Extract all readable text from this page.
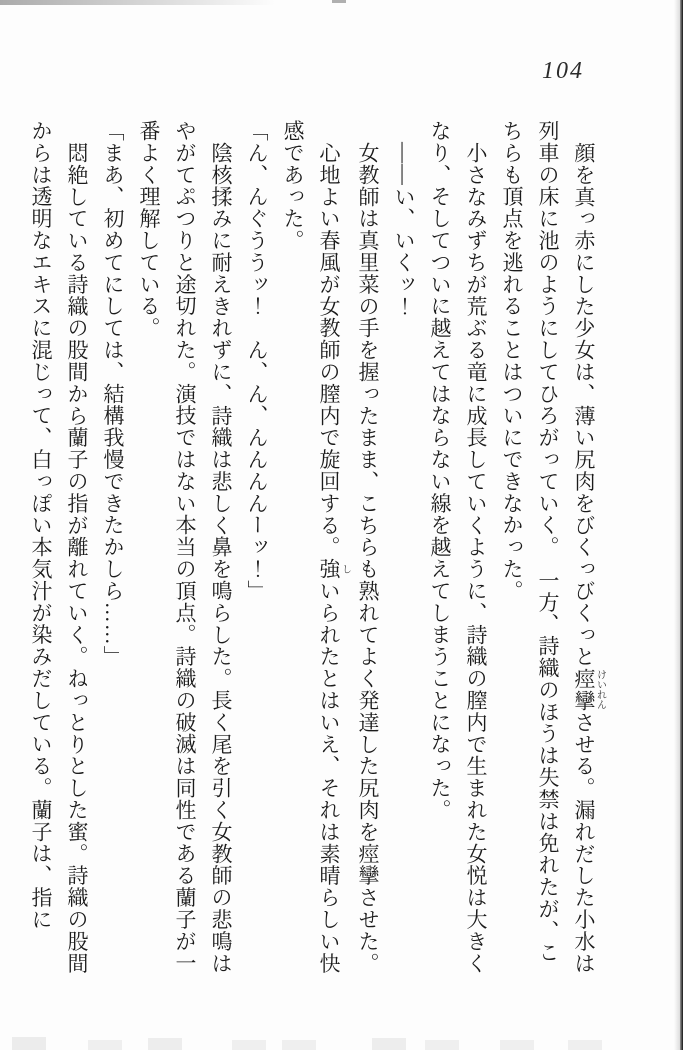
104

顔を真っ赤にした少女は、薄い尻肉をびくっびくっと痙攣けいれんさせる。漏れだした小水は列車の床に池のようにしてひろがっていく。　一方、詩織のほうは失禁は免れたが、こちらも頂点を逃れることはついにできなかった。

小さなみずちが荒ぶる竜に成長していくように、詩織の膣内で生まれた女悦は大きくなり、そしてついに越えてはならない線を越えてしまうことになった。

――い、いくッ！

女教師は真里菜の手を握ったまま、こちらも熟れてよく発達した尻肉を痙攣させた。

心地よい春風が女教師の膣内で旋回する。強しいられたとはいえ、それは素晴らしい快感であった。

「ん、んぐううッ！　ん、ん、んんんんーッ！」

陰核揉みに耐えきれずに、詩織は悲しく鼻を鳴らした。長く尾を引く女教師の悲鳴はやがてぷつりと途切れた。演技ではない本当の頂点。詩織の破滅は同性である蘭子が一番よく理解している。

「まあ、初めてにしては、結構我慢できたかしら……」

悶絶している詩織の股間から蘭子の指が離れていく。ねっとりとした蜜。詩織の股間からは透明なエキスに混じって、白っぽい本気汁が染みだしている。蘭子は、指に
